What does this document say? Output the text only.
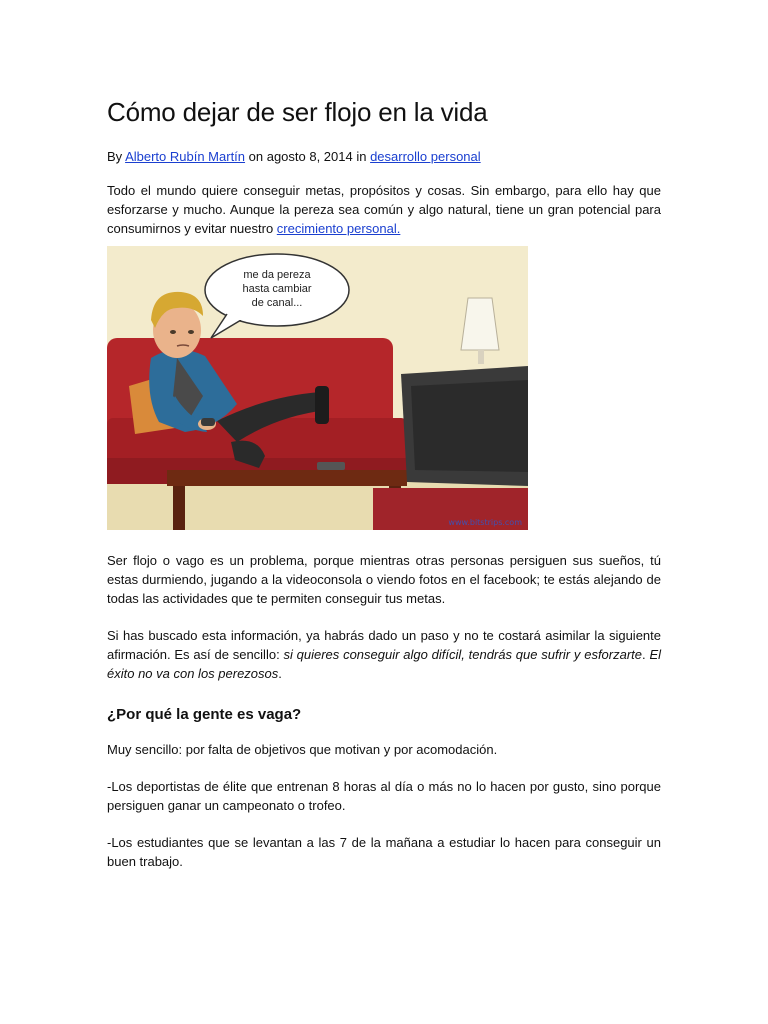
Cómo dejar de ser flojo en la vida

By Alberto Rubín Martín on agosto 8, 2014 in desarrollo personal

Todo el mundo quiere conseguir metas, propósitos y cosas. Sin embargo, para ello hay que esforzarse y mucho. Aunque la pereza sea común y algo natural, tiene un gran potencial para consumirnos y evitar nuestro crecimiento personal.

me da pereza
hasta cambiar
de canal...
www.bitstrips.com

Ser flojo o vago es un problema, porque mientras otras personas persiguen sus sueños, tú estas durmiendo, jugando a la videoconsola o viendo fotos en el facebook; te estás alejando de todas las actividades que te permiten conseguir tus metas.

Si has buscado esta información, ya habrás dado un paso y no te costará asimilar la siguiente afirmación. Es así de sencillo: si quieres conseguir algo difícil, tendrás que sufrir y esforzarte. El éxito no va con los perezosos.

¿Por qué la gente es vaga?

Muy sencillo: por falta de objetivos que motivan y por acomodación.

-Los deportistas de élite que entrenan 8 horas al día o más no lo hacen por gusto, sino porque persiguen ganar un campeonato o trofeo.

-Los estudiantes que se levantan a las 7 de la mañana a estudiar lo hacen para conseguir un buen trabajo.
